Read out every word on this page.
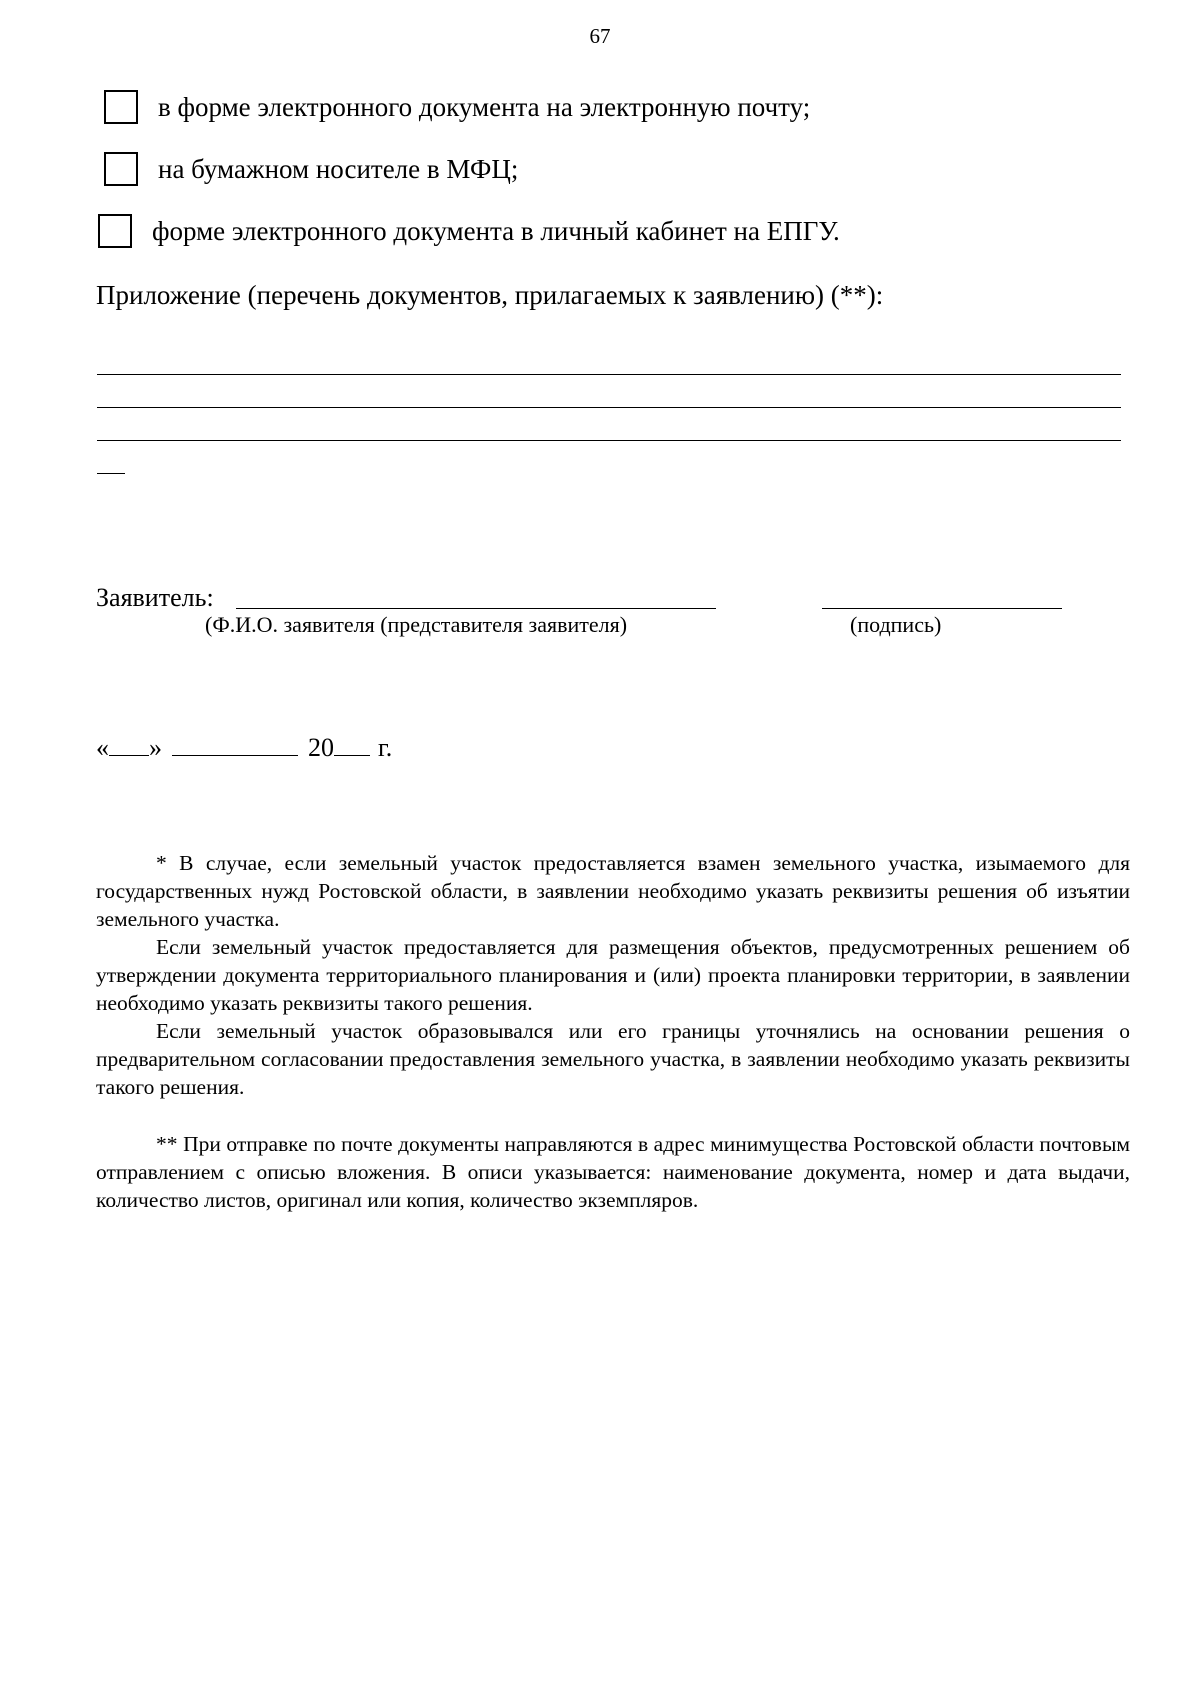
67
в форме электронного документа на электронную почту;
на бумажном носителе в МФЦ;
форме электронного документа в личный кабинет на ЕПГУ.
Приложение (перечень документов, прилагаемых к заявлению) (**):
Заявитель:
(Ф.И.О. заявителя (представителя заявителя)	(подпись)
« »	20 г.

* В случае, если земельный участок предоставляется взамен земельного участка, изымаемого для государственных нужд Ростовской области, в заявлении необходимо указать реквизиты решения об изъятии земельного участка.

Если земельный участок предоставляется для размещения объектов, предусмотренных решением об утверждении документа территориального планирования и (или) проекта планировки территории, в заявлении необходимо указать реквизиты такого решения.

Если земельный участок образовывался или его границы уточнялись на основании решения о предварительном согласовании предоставления земельного участка, в заявлении необходимо указать реквизиты такого решения.

** При отправке по почте документы направляются в адрес минимущества Ростовской области почтовым отправлением с описью вложения. В описи указывается: наименование документа, номер и дата выдачи, количество листов, оригинал или копия, количество экземпляров.
